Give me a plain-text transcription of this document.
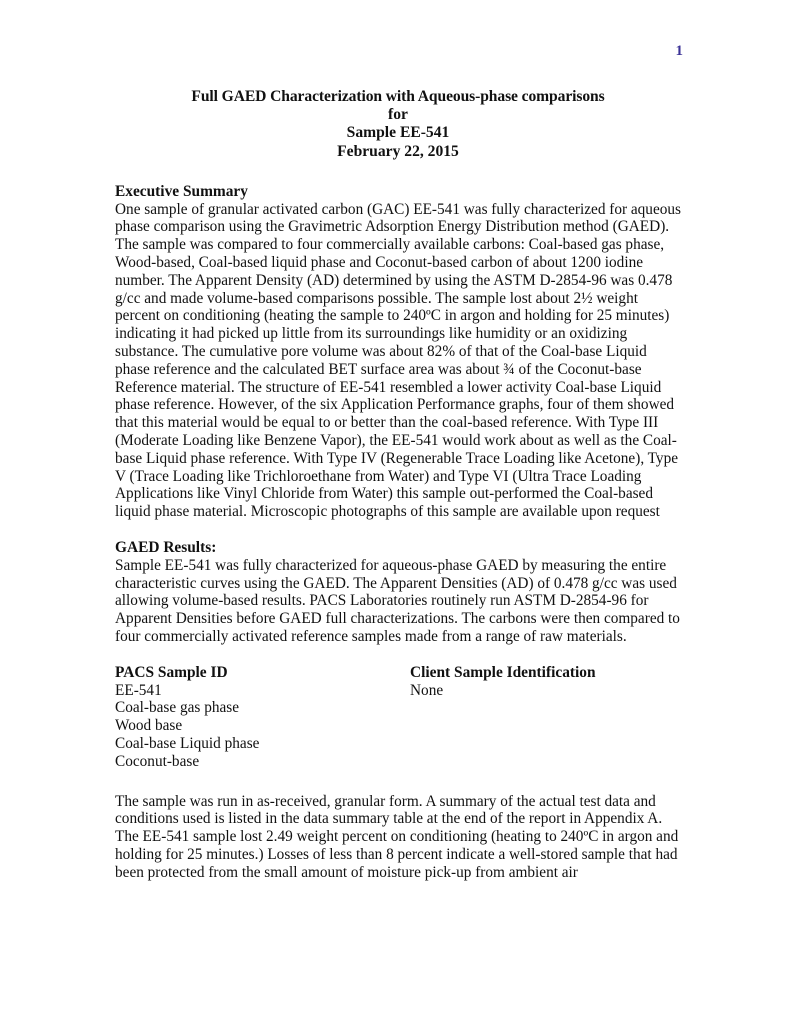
1
Full GAED Characterization with Aqueous-phase comparisons
for
Sample EE-541
February 22, 2015
Executive Summary

One sample of granular activated carbon (GAC) EE-541 was fully characterized for aqueous phase comparison using the Gravimetric Adsorption Energy Distribution method (GAED). The sample was compared to four commercially available carbons: Coal-based gas phase, Wood-based, Coal-based liquid phase and Coconut-based carbon of about 1200 iodine number. The Apparent Density (AD) determined by using the ASTM D-2854-96 was 0.478 g/cc and made volume-based comparisons possible. The sample lost about 2½ weight percent on conditioning (heating the sample to 240ºC in argon and holding for 25 minutes) indicating it had picked up little from its surroundings like humidity or an oxidizing substance. The cumulative pore volume was about 82% of that of the Coal-base Liquid phase reference and the calculated BET surface area was about ¾ of the Coconut-base Reference material. The structure of EE-541 resembled a lower activity Coal-base Liquid phase reference. However, of the six Application Performance graphs, four of them showed that this material would be equal to or better than the coal-based reference. With Type III (Moderate Loading like Benzene Vapor), the EE-541 would work about as well as the Coal-base Liquid phase reference. With Type IV (Regenerable Trace Loading like Acetone), Type V (Trace Loading like Trichloroethane from Water) and Type VI (Ultra Trace Loading Applications like Vinyl Chloride from Water) this sample out-performed the Coal-based liquid phase material. Microscopic photographs of this sample are available upon request

GAED Results:

Sample EE-541 was fully characterized for aqueous-phase GAED by measuring the entire characteristic curves using the GAED. The Apparent Densities (AD) of 0.478 g/cc was used allowing volume-based results. PACS Laboratories routinely run ASTM D-2854-96 for Apparent Densities before GAED full characterizations. The carbons were then compared to four commercially activated reference samples made from a range of raw materials.

PACS Sample ID
EE-541
Coal-base gas phase
Wood base
Coal-base Liquid phase
Coconut-base
Client Sample Identification
None

The sample was run in as-received, granular form. A summary of the actual test data and conditions used is listed in the data summary table at the end of the report in Appendix A. The EE-541 sample lost 2.49 weight percent on conditioning (heating to 240ºC in argon and holding for 25 minutes.) Losses of less than 8 percent indicate a well-stored sample that had been protected from the small amount of moisture pick-up from ambient air
